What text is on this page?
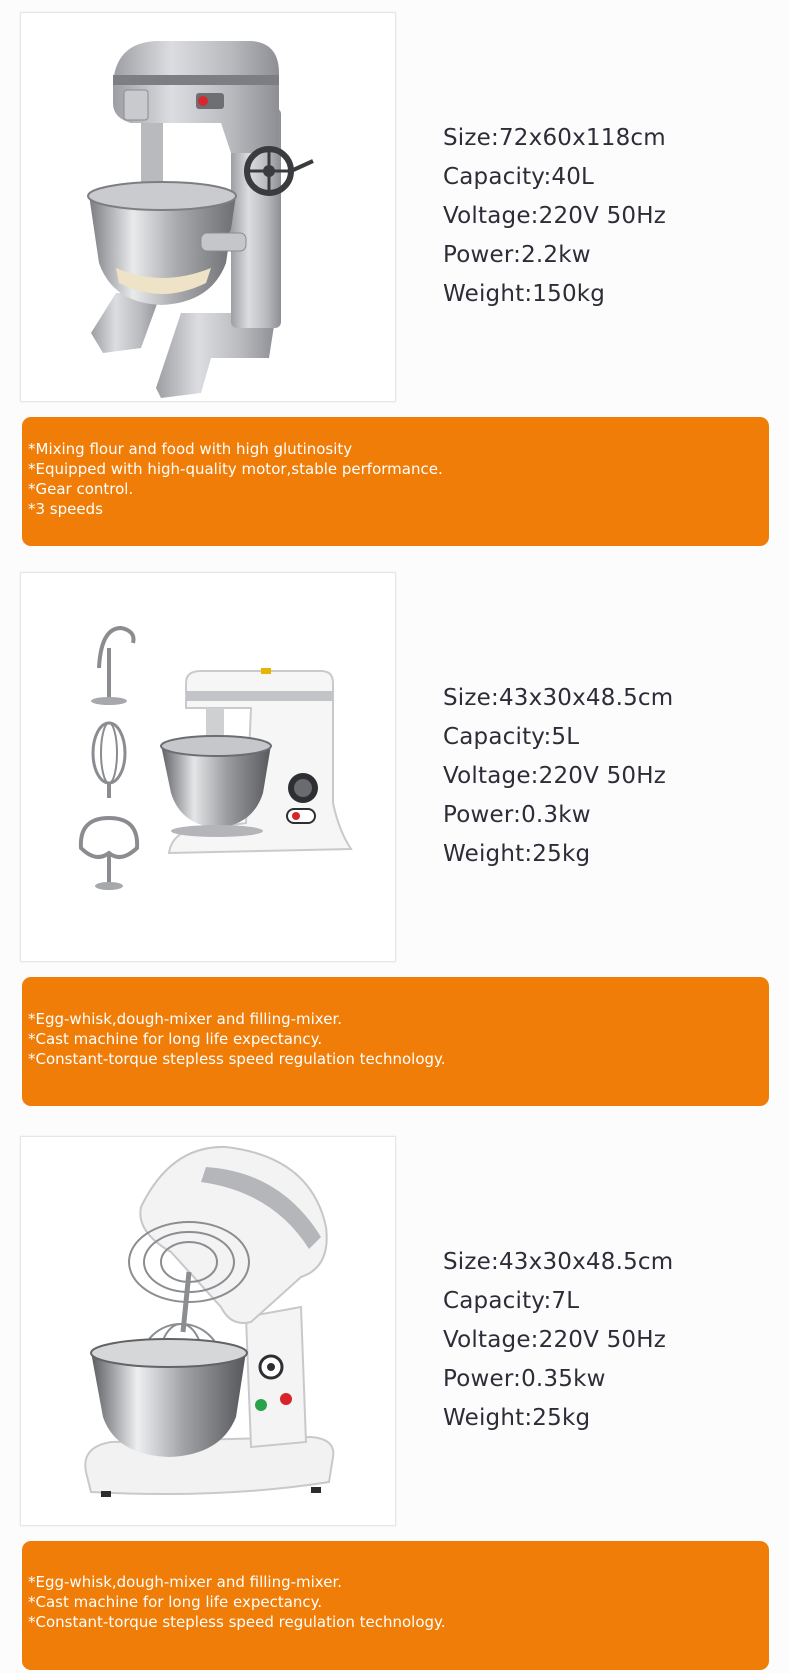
Size:72x60x118cm
Capacity:40L
Voltage:220V 50Hz
Power:2.2kw
Weight:150kg
*Mixing flour and food with high glutinosity
*Equipped with high-quality motor,stable performance.
*Gear control.
*3 speeds
Size:43x30x48.5cm
Capacity:5L
Voltage:220V 50Hz
Power:0.3kw
Weight:25kg
*Egg-whisk,dough-mixer and filling-mixer.
*Cast machine for long life expectancy.
*Constant-torque stepless speed regulation technology.
Size:43x30x48.5cm
Capacity:7L
Voltage:220V 50Hz
Power:0.35kw
Weight:25kg
*Egg-whisk,dough-mixer and filling-mixer.
*Cast machine for long life expectancy.
*Constant-torque stepless speed regulation technology.
